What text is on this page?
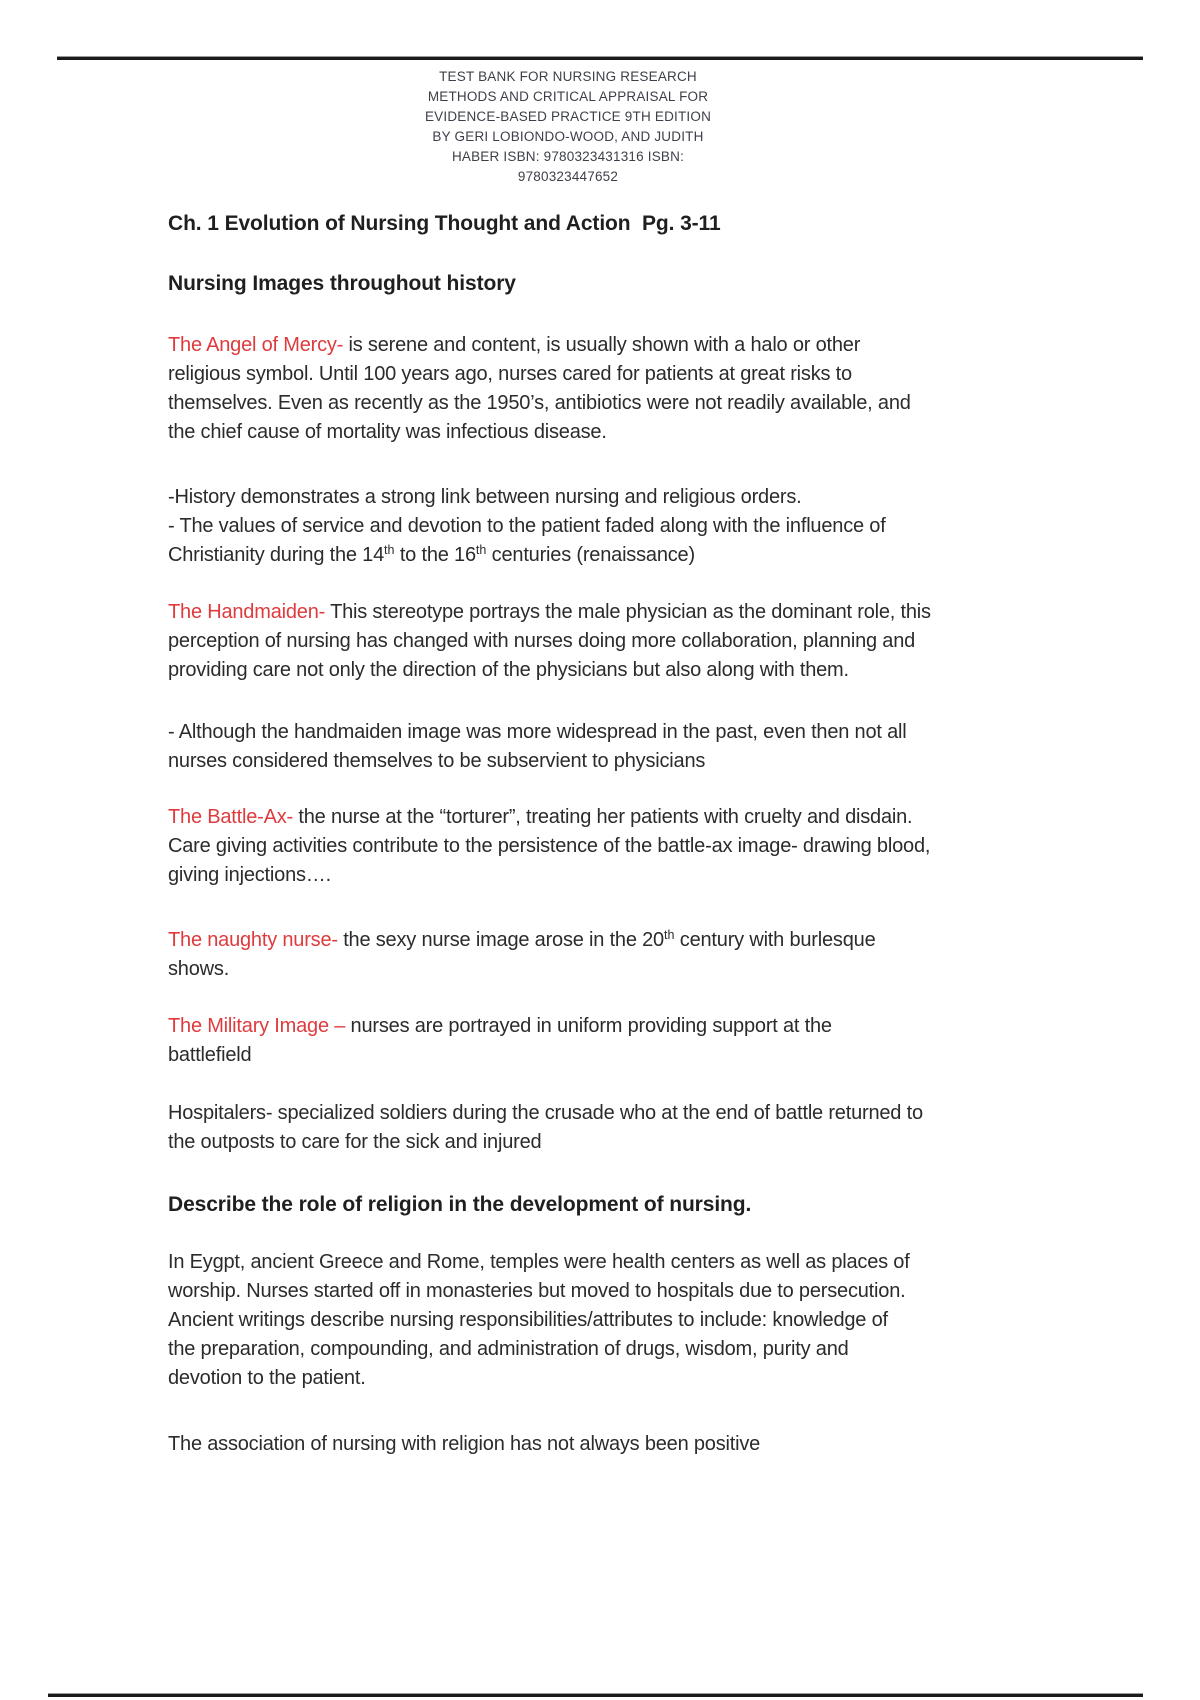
TEST BANK FOR NURSING RESEARCH
METHODS AND CRITICAL APPRAISAL FOR
EVIDENCE-BASED PRACTICE 9TH EDITION
BY GERI LOBIONDO-WOOD, AND JUDITH
HABER ISBN: 9780323431316 ISBN:
9780323447652
Ch. 1 Evolution of Nursing Thought and Action  Pg. 3-11
Nursing Images throughout history
The Angel of Mercy- is serene and content, is usually shown with a halo or other
religious symbol. Until 100 years ago, nurses cared for patients at great risks to
themselves. Even as recently as the 1950’s, antibiotics were not readily available, and
the chief cause of mortality was infectious disease.
-History demonstrates a strong link between nursing and religious orders.
- The values of service and devotion to the patient faded along with the influence of
Christianity during the 14th to the 16th centuries (renaissance)
The Handmaiden- This stereotype portrays the male physician as the dominant role, this
perception of nursing has changed with nurses doing more collaboration, planning and
providing care not only the direction of the physicians but also along with them.
- Although the handmaiden image was more widespread in the past, even then not all
nurses considered themselves to be subservient to physicians
The Battle-Ax- the nurse at the “torturer”, treating her patients with cruelty and disdain.
Care giving activities contribute to the persistence of the battle-ax image- drawing blood,
giving injections….
The naughty nurse- the sexy nurse image arose in the 20th century with burlesque
shows.
The Military Image – nurses are portrayed in uniform providing support at the
battlefield
Hospitalers- specialized soldiers during the crusade who at the end of battle returned to
the outposts to care for the sick and injured
Describe the role of religion in the development of nursing.
In Eygpt, ancient Greece and Rome, temples were health centers as well as places of
worship. Nurses started off in monasteries but moved to hospitals due to persecution.
Ancient writings describe nursing responsibilities/attributes to include: knowledge of
the preparation, compounding, and administration of drugs, wisdom, purity and
devotion to the patient.
The association of nursing with religion has not always been positive
